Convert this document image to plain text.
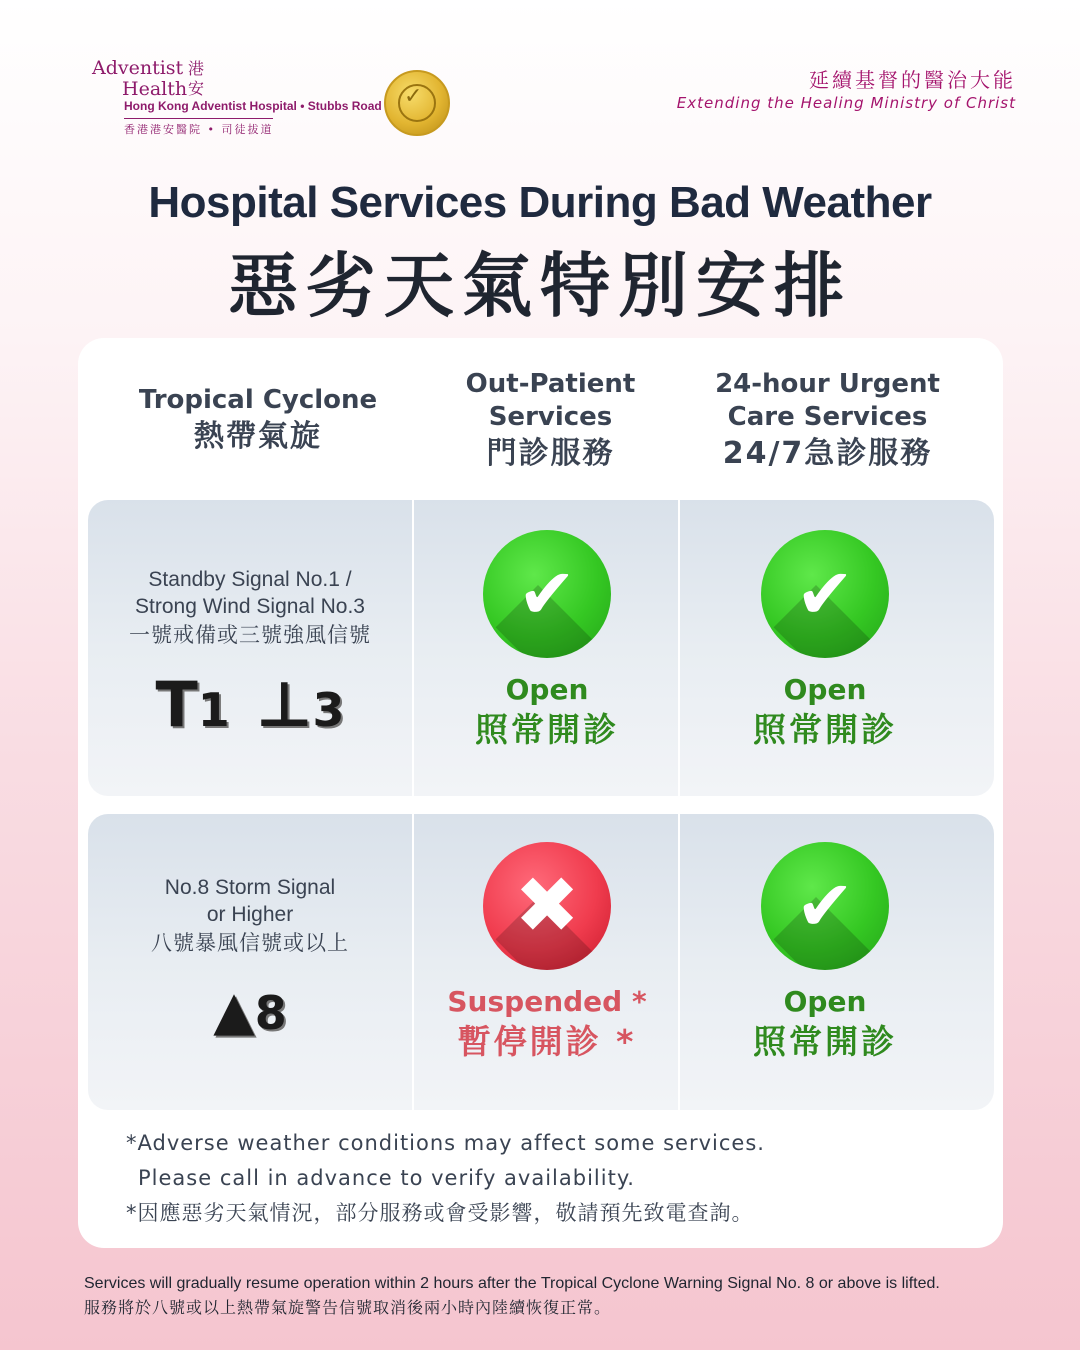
Adventist
Health
港安
Hong Kong Adventist Hospital • Stubbs Road
香港港安醫院 • 司徒拔道
✓
延續基督的醫治大能
Extending the Healing Ministry of Christ
Hospital Services During Bad Weather
惡劣天氣特別安排
Tropical Cyclone
熱帶氣旋
Out-Patient Services
門診服務
24-hour Urgent Care Services
24/7急診服務
Standby Signal No.1 /
Strong Wind Signal No.3
一號戒備或三號強風信號
T1 ⊥3
✔
Open
照常開診
✔
Open
照常開診
No.8 Storm Signal
or Higher
八號暴風信號或以上
▲8
✖
Suspended *
暫停開診 *
✔
Open
照常開診
*Adverse weather conditions may affect some services.
Please call in advance to verify availability.
*因應惡劣天氣情況，部分服務或會受影響，敬請預先致電查詢。
Services will gradually resume operation within 2 hours after the Tropical Cyclone Warning Signal No. 8 or above is lifted.
服務將於八號或以上熱帶氣旋警告信號取消後兩小時內陸續恢復正常。
